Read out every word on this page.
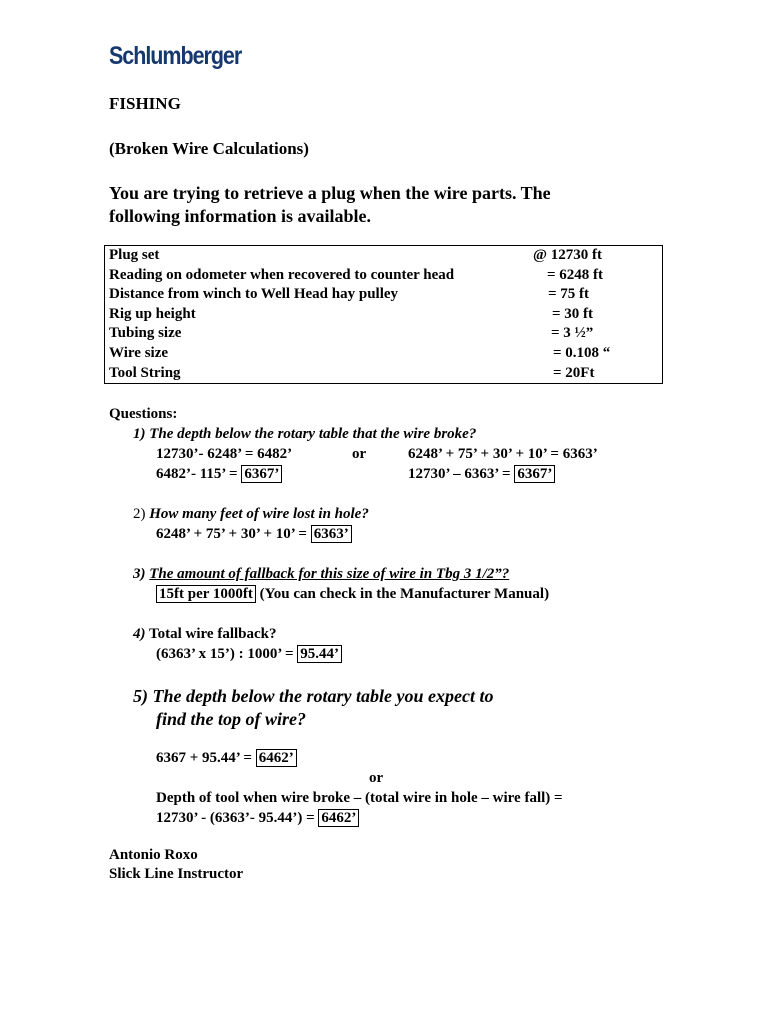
Schlumberger
FISHING
(Broken Wire Calculations)
You are trying to retrieve a plug when the wire parts. The
following information is available.
Plug set	@ 12730 ft
Reading on odometer when recovered to counter head	= 6248 ft
Distance from winch to Well Head hay pulley	= 75 ft
Rig up height	= 30 ft
Tubing size	= 3 ½”
Wire size	= 0.108 “
Tool String	= 20Ft
Questions:
1) The depth below the rotary table that the wire broke?
12730’- 6248’ = 6482’	or	6248’ + 75’ + 30’ + 10’ = 6363’
6482’- 115’ = 6367’	12730’ – 6363’ = 6367’
2) How many feet of wire lost in hole?
6248’ + 75’ + 30’ + 10’ = 6363’
3) The amount of fallback for this size of wire in Tbg 3 1/2”?
15ft per 1000ft (You can check in the Manufacturer Manual)
4) Total wire fallback?
(6363’ x 15’) : 1000’ = 95.44’
5) The depth below the rotary table you expect to
find the top of wire?
6367 + 95.44’ = 6462’
or
Depth of tool when wire broke – (total wire in hole – wire fall) =
12730’ - (6363’- 95.44’) = 6462’
Antonio Roxo
Slick Line Instructor
